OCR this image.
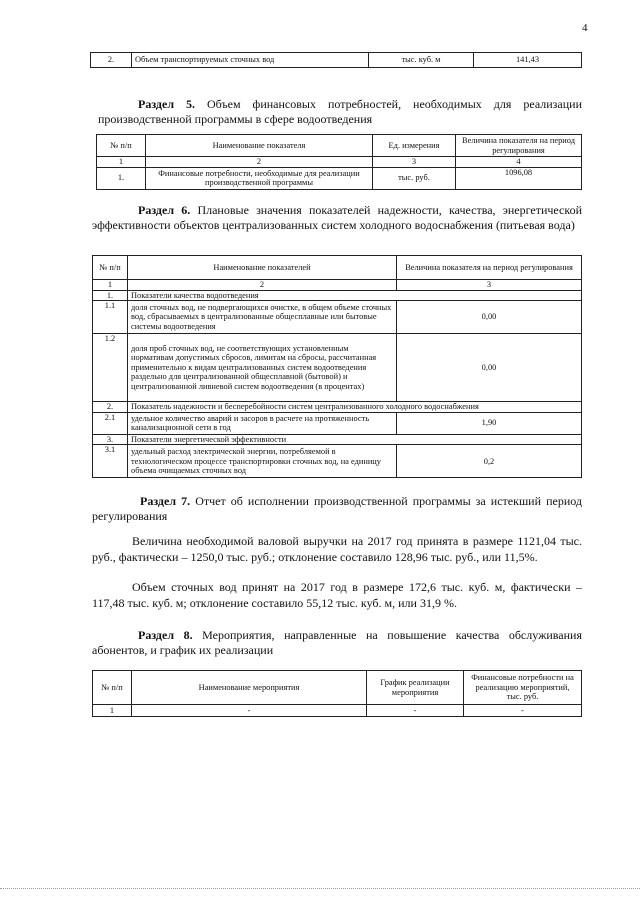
4
2.	Объем транспортируемых сточных вод	тыс. куб. м	141,43
Раздел 5. Объем финансовых потребностей, необходимых для реализации производственной программы в сфере водоотведения
№ п/п	Наименование показателя	Ед. измерения	Величина показателя на период регулирования
1	2	3	4
1.	Финансовые потребности, необходимые для реализации производственной программы	тыс. руб.	1096,08
Раздел 6. Плановые значения показателей надежности, качества, энергетической эффективности объектов централизованных систем холодного водоснабжения (питьевая вода)
№ п/п	Наименование показателей	Величина показателя на период регулирования
1	2	3
1.	Показатели качества водоотведения	
1.1	доля сточных вод, не подвергающихся очистке, в общем объеме сточных вод, сбрасываемых в централизованные общесплавные или бытовые системы водоотведения	0,00
1.2	доля проб сточных вод, не соответствующих установленным нормативам допустимых сбросов, лимитам на сбросы, рассчитанная применительно к видам централизованных систем водоотведения раздельно для централизованной общесплавной (бытовой) и централизованной ливневой систем водоотведения (в процентах)	0,00
2.	Показатель надежности и бесперебойности систем централизованного холодного водоснабжения	
2.1	удельное количество аварий и засоров в расчете на протяженность канализационной сети в год	1,90
3.	Показатели энергетической эффективности	
3.1	удельный расход электрической энергии, потребляемой в технологическом процессе транспортировки сточных вод, на единицу объема очищаемых сточных вод	0,2
Раздел 7. Отчет об исполнении производственной программы за истекший период регулирования
Величина необходимой валовой выручки на 2017 год принята в размере 1121,04 тыс. руб., фактически – 1250,0 тыс. руб.; отклонение составило 128,96 тыс. руб., или 11,5%.
Объем сточных вод принят на 2017 год в размере 172,6 тыс. куб. м, фактически – 117,48 тыс. куб. м; отклонение составило 55,12 тыс. куб. м, или 31,9 %.
Раздел 8. Мероприятия, направленные на повышение качества обслуживания абонентов, и график их реализации
№ п/п	Наименование мероприятия	График реализации мероприятия	Финансовые потребности на реализацию мероприятий, тыс. руб.
1	-	-	-
